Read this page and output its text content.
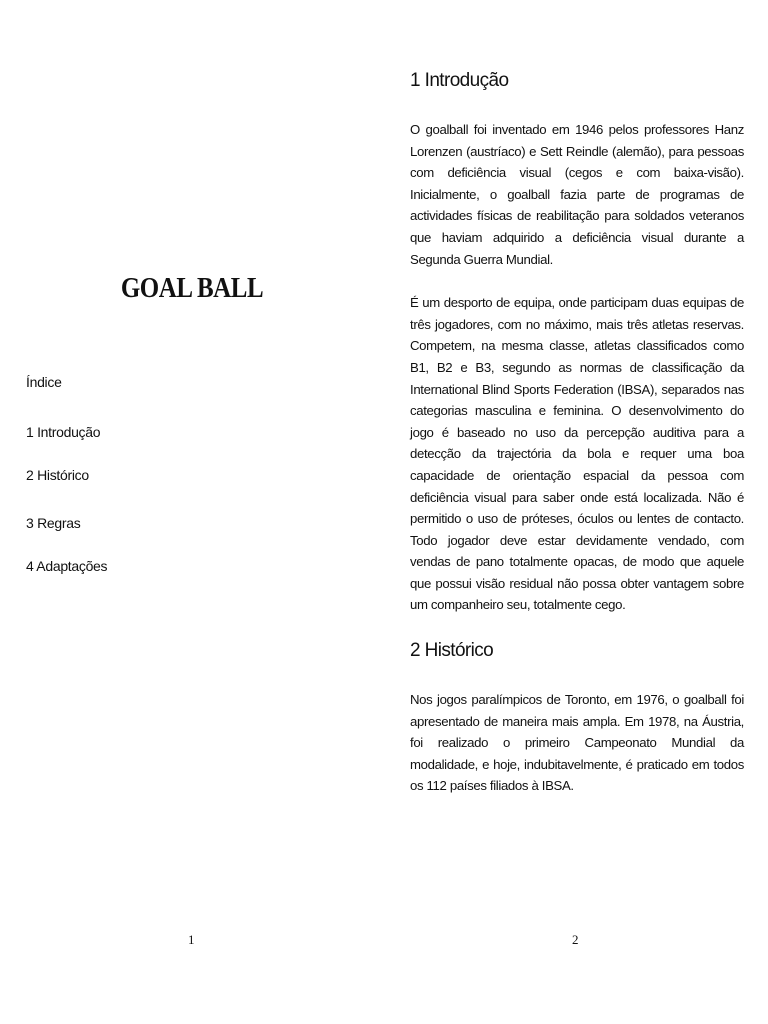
GOAL BALL

Índice

1 Introdução
2 Histórico
3 Regras
4 Adaptações
1
1 Introdução

O goalball foi inventado em 1946 pelos professores Hanz Lorenzen (austríaco) e Sett Reindle (alemão), para pessoas com deficiência visual (cegos e com baixa-visão). Inicialmente, o goalball fazia parte de programas de actividades físicas de reabilitação para soldados veteranos que haviam adquirido a deficiência visual durante a Segunda Guerra Mundial.

É um desporto de equipa, onde participam duas equipas de três jogadores, com no máximo, mais três atletas reservas. Competem, na mesma classe, atletas classificados como B1, B2 e B3, segundo as normas de classificação da International Blind Sports Federation (IBSA), separados nas categorias masculina e feminina. O desenvolvimento do jogo é baseado no uso da percepção auditiva para a detecção da trajectória da bola e requer uma boa capacidade de orientação espacial da pessoa com deficiência visual para saber onde está localizada. Não é permitido o uso de próteses, óculos ou lentes de contacto. Todo jogador deve estar devidamente vendado, com vendas de pano totalmente opacas, de modo que aquele que possui visão residual não possa obter vantagem sobre um companheiro seu, totalmente cego.

2 Histórico

Nos jogos paralímpicos de Toronto, em 1976, o goalball foi apresentado de maneira mais ampla. Em 1978, na Áustria, foi realizado o primeiro Campeonato Mundial da modalidade, e hoje, indubitavelmente, é praticado em todos os 112 países filiados à IBSA.

2
